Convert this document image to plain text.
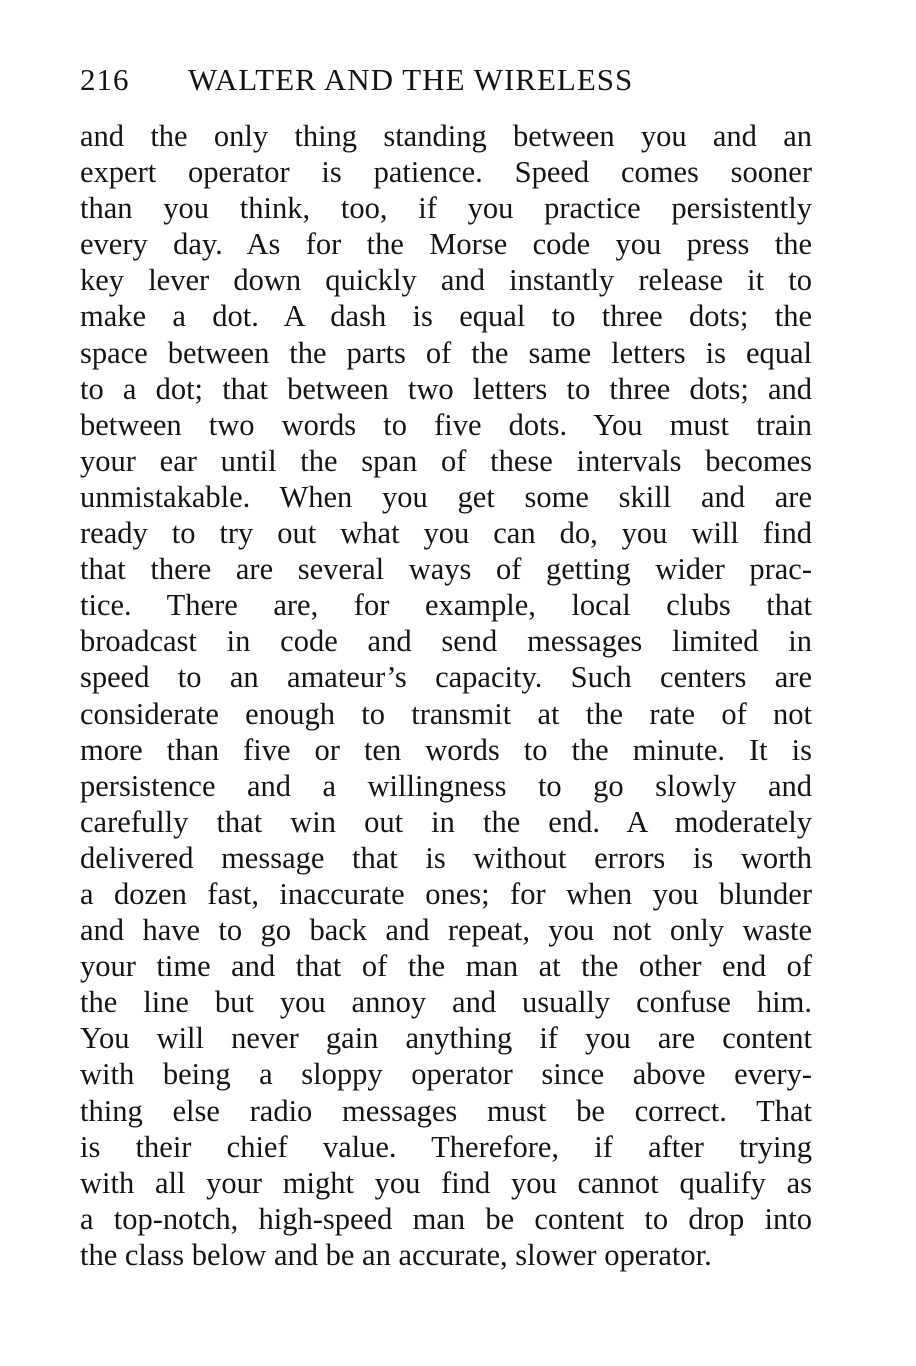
216 WALTER AND THE WIRELESS
and the only thing standing between you and an
expert operator is patience. Speed comes sooner
than you think, too, if you practice persistently
every day. As for the Morse code you press the
key lever down quickly and instantly release it to
make a dot. A dash is equal to three dots; the
space between the parts of the same letters is equal
to a dot; that between two letters to three dots; and
between two words to five dots. You must train
your ear until the span of these intervals becomes
unmistakable. When you get some skill and are
ready to try out what you can do, you will find
that there are several ways of getting wider prac-
tice. There are, for example, local clubs that
broadcast in code and send messages limited in
speed to an amateur’s capacity. Such centers are
considerate enough to transmit at the rate of not
more than five or ten words to the minute. It is
persistence and a willingness to go slowly and
carefully that win out in the end. A moderately
delivered message that is without errors is worth
a dozen fast, inaccurate ones; for when you blunder
and have to go back and repeat, you not only waste
your time and that of the man at the other end of
the line but you annoy and usually confuse him.
You will never gain anything if you are content
with being a sloppy operator since above every-
thing else radio messages must be correct. That
is their chief value. Therefore, if after trying
with all your might you find you cannot qualify as
a top-notch, high-speed man be content to drop into
the class below and be an accurate, slower operator.
